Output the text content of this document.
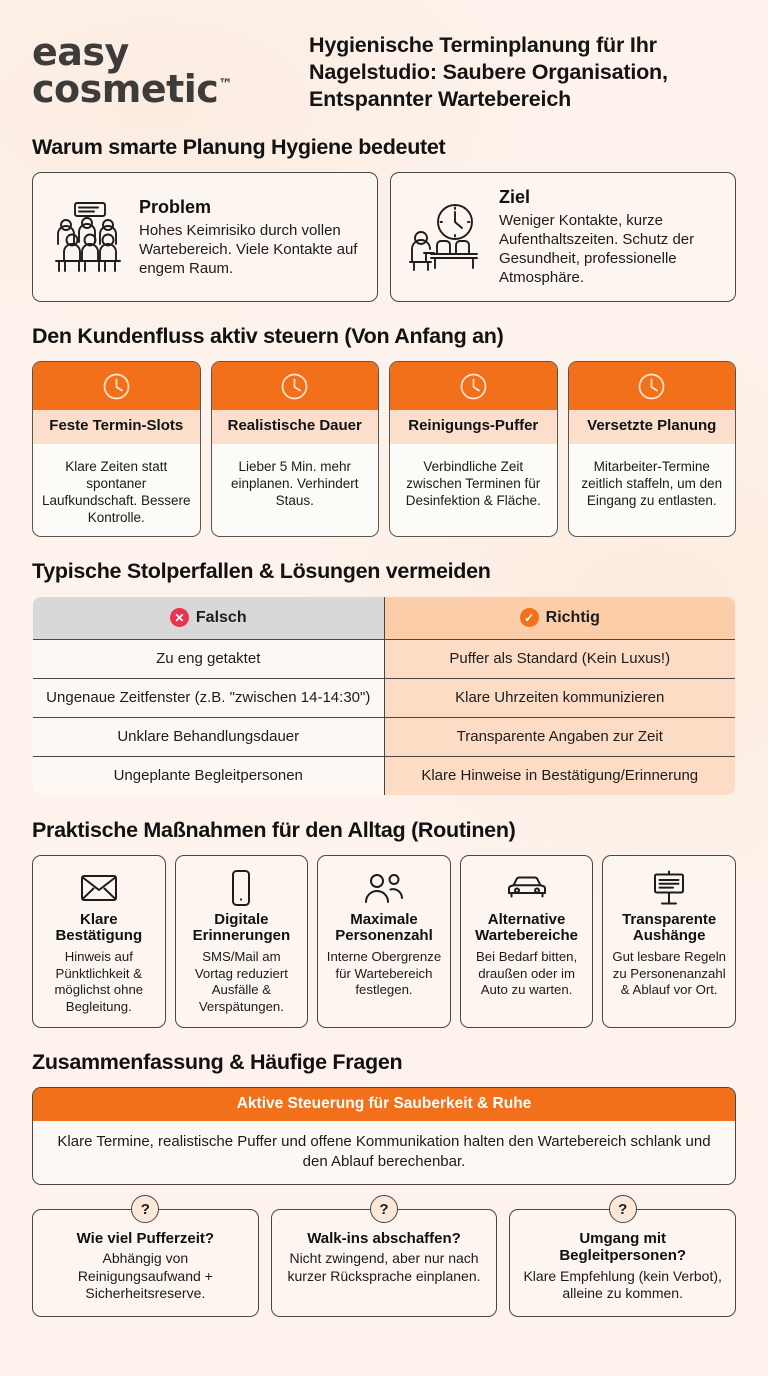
easy
cosmetic™
Hygienische Terminplanung für Ihr
Nagelstudio: Saubere Organisation,
Entspannter Wartebereich
Warum smarte Planung Hygiene bedeutet
Problem
Hohes Keimrisiko durch vollen Wartebereich. Viele Kontakte auf engem Raum.
Ziel
Weniger Kontakte, kurze Aufenthaltszeiten. Schutz der Gesundheit, professionelle Atmosphäre.
Den Kundenfluss aktiv steuern (Von Anfang an)
Feste Termin-Slots
Klare Zeiten statt spontaner Laufkundschaft. Bessere Kontrolle.
Realistische Dauer
Lieber 5 Min. mehr einplanen. Verhindert Staus.
Reinigungs-Puffer
Verbindliche Zeit zwischen Terminen für Desinfektion & Fläche.
Versetzte Planung
Mitarbeiter-Termine zeitlich staffeln, um den Eingang zu entlasten.
Typische Stolperfallen & Lösungen vermeiden
✕ Falsch	✓ Richtig

Zu eng getaktet	Puffer als Standard (Kein Luxus!)
Ungenaue Zeitfenster (z.B. "zwischen 14-14:30")	Klare Uhrzeiten kommunizieren
Unklare Behandlungsdauer	Transparente Angaben zur Zeit
Ungeplante Begleitpersonen	Klare Hinweise in Bestätigung/Erinnerung
Praktische Maßnahmen für den Alltag (Routinen)
Klare
Bestätigung
Hinweis auf Pünktlichkeit & möglichst ohne Begleitung.
Digitale
Erinnerungen
SMS/Mail am Vortag reduziert Ausfälle & Verspätungen.
Maximale
Personenzahl
Interne Obergrenze für Wartebereich festlegen.
Alternative
Wartebereiche
Bei Bedarf bitten, draußen oder im Auto zu warten.
Transparente
Aushänge
Gut lesbare Regeln zu Personenanzahl & Ablauf vor Ort.
Zusammenfassung & Häufige Fragen
Aktive Steuerung für Sauberkeit & Ruhe
Klare Termine, realistische Puffer und offene Kommunikation halten den Wartebereich schlank und den Ablauf berechenbar.
?
Wie viel Pufferzeit?
Abhängig von Reinigungsaufwand + Sicherheitsreserve.
?
Walk-ins abschaffen?
Nicht zwingend, aber nur nach kurzer Rücksprache einplanen.
?
Umgang mit
Begleitpersonen?
Klare Empfehlung (kein Verbot), alleine zu kommen.
